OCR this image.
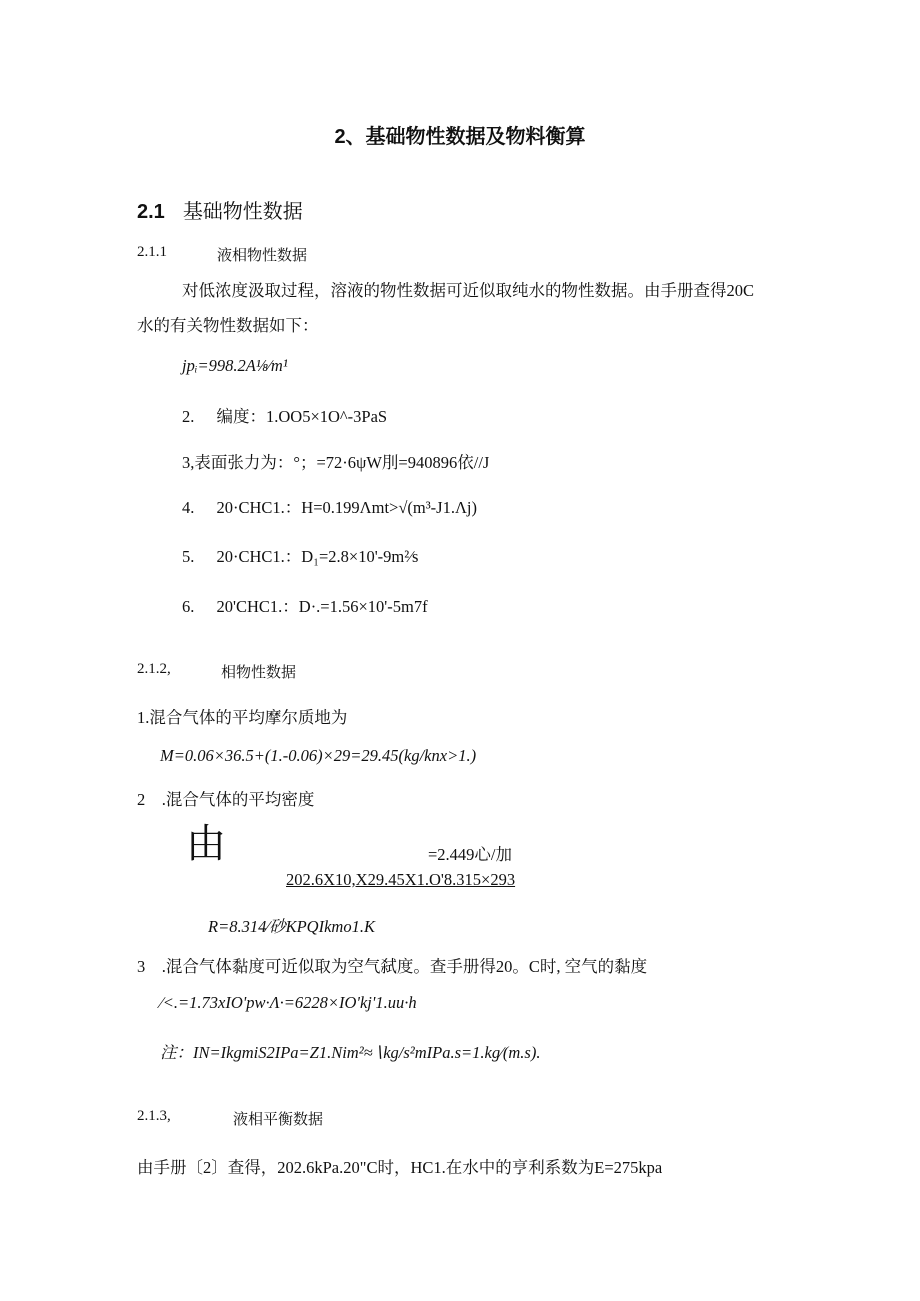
2、基础物性数据及物料衡算
2.1 基础物性数据
2.1.1	液相物性数据
对低浓度汲取过程，溶液的物性数据可近似取纯水的物性数据。由手册查得20C
水的有关物性数据如下：
jpᵢ=998.2A⅛∕m¹
2. 编度：1.OO5×1O^-3PaS
3,表面张力为：°；=72·6ψW刖=940896依//J
4. 20·CHC1.：H=0.199Λmt>√(m³-J1.Λj)
5. 20·CHC1.：D₁=2.8×10'-9m²∕s
6. 20'CHC1.：D·.=1.56×10'-5m7f
2.1.2,	相物性数据
1.混合气体的平均摩尔质地为
M=0.06×36.5+(1.-0.06)×29=29.45(kg/knx>1.)
2　.混合气体的平均密度
由	=2.449心/加
202.6X10,X29.45X1.O'8.315×293
R=8.314∕砂KPQIkmo1.K
3　.混合气体黏度可近似取为空气弑度。查手册得20。C时, 空气的黏度
∕<.=1.73xIO'pw·Λ·=6228×IO'kj'1.uu·h
注：IN=IkgmiS2IPa=Z1.Nim²≈∖kg/s²mIPa.s=1.kg∕(m.s).
2.1.3,	液相平衡数据
由手册〔2〕查得，202.6kPa.20"C时，HC1.在水中的亨利系数为E=275kpa
